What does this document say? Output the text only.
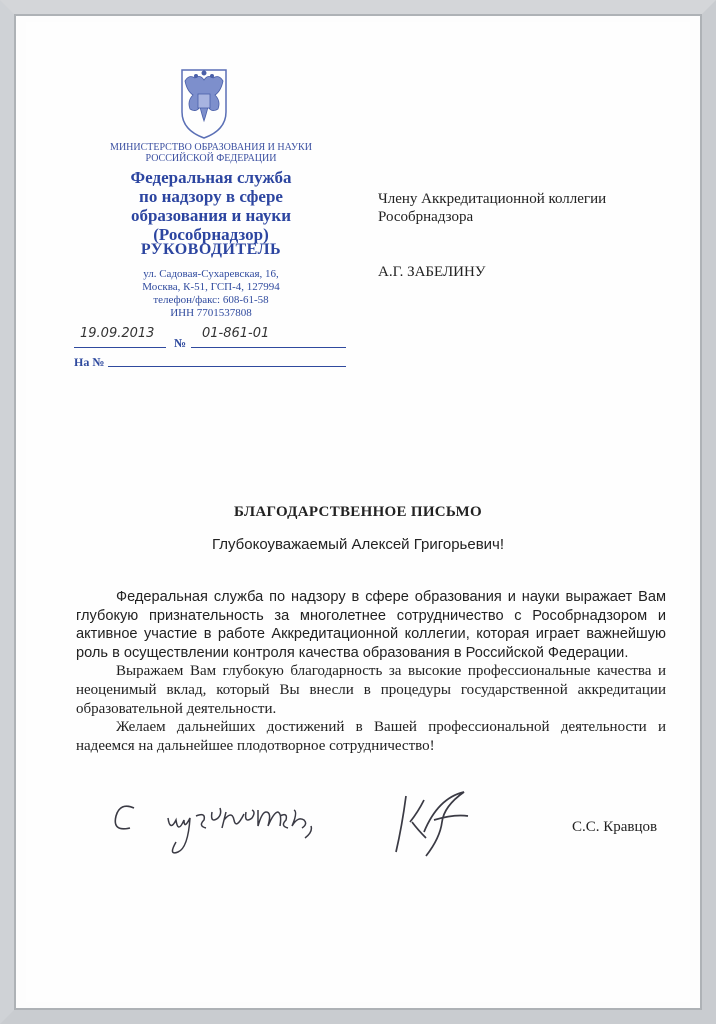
МИНИСТЕРСТВО ОБРАЗОВАНИЯ И НАУКИ РОССИЙСКОЙ ФЕДЕРАЦИИ
Федеральная служба
по надзору в сфере
образования и науки
(Рособрнадзор)
РУКОВОДИТЕЛЬ
ул. Садовая-Сухаревская, 16,
Москва, К-51, ГСП-4, 127994
телефон/факс: 608-61-58
ИНН 7701537808
19.09.2013
№
01-861-01
На №
Члену Аккредитационной коллегии
Рособрнадзора
А.Г. ЗАБЕЛИНУ
БЛАГОДАРСТВЕННОЕ ПИСЬМО
Глубокоуважаемый Алексей Григорьевич!

Федеральная служба по надзору в сфере образования и науки выражает Вам глубокую признательность за многолетнее сотрудничество с Рособрнадзором и активное участие в работе Аккредитационной коллегии, которая играет важнейшую роль в осуществлении контроля качества образования в Российской Федерации.

Выражаем Вам глубокую благодарность за высокие профессиональные качества и неоценимый вклад, который Вы внесли в процедуры государственной аккредитации образовательной деятельности.

Желаем дальнейших достижений в Вашей профессиональной деятельности и надеемся на дальнейшее плодотворное сотрудничество!

С.С. Кравцов
